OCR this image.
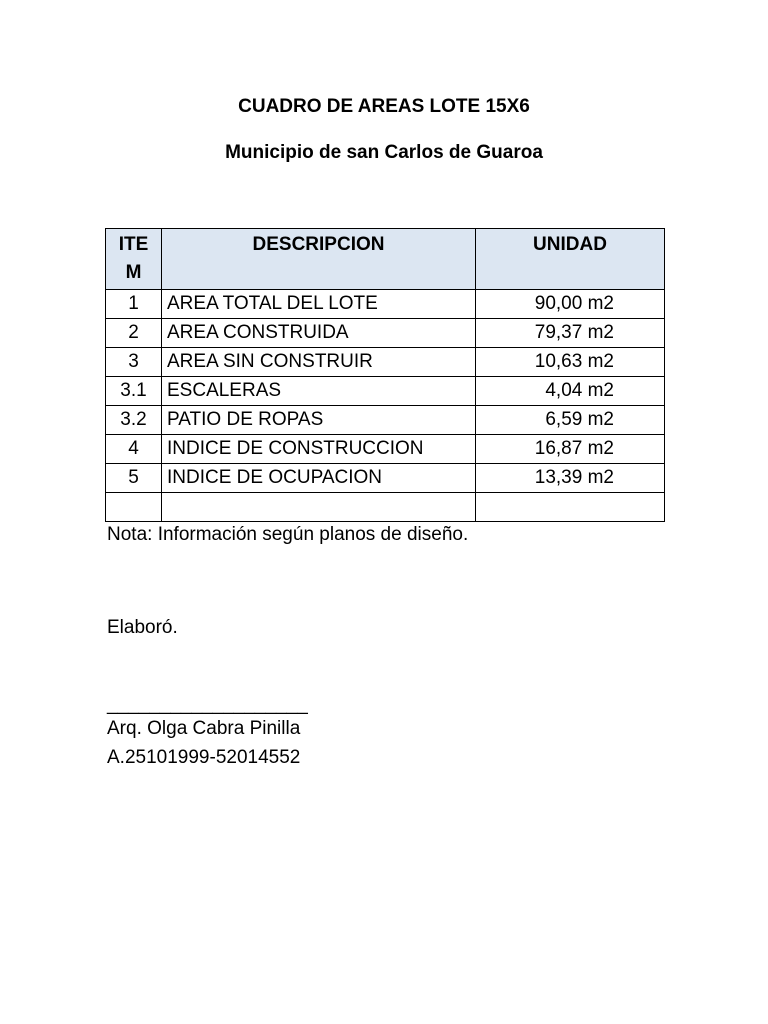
CUADRO DE AREAS LOTE 15X6
Municipio de san Carlos de Guaroa
ITEM	DESCRIPCION	UNIDAD
1	AREA TOTAL DEL LOTE	90,00 m2
2	AREA CONSTRUIDA	79,37 m2
3	AREA SIN CONSTRUIR	10,63 m2
3.1	ESCALERAS	4,04 m2
3.2	PATIO DE ROPAS	6,59 m2
4	INDICE DE CONSTRUCCION	16,87 m2
5	INDICE DE OCUPACION	13,39 m2

Nota: Información según planos de diseño.
Elaboró.
___________________
Arq. Olga Cabra Pinilla
A.25101999-52014552
